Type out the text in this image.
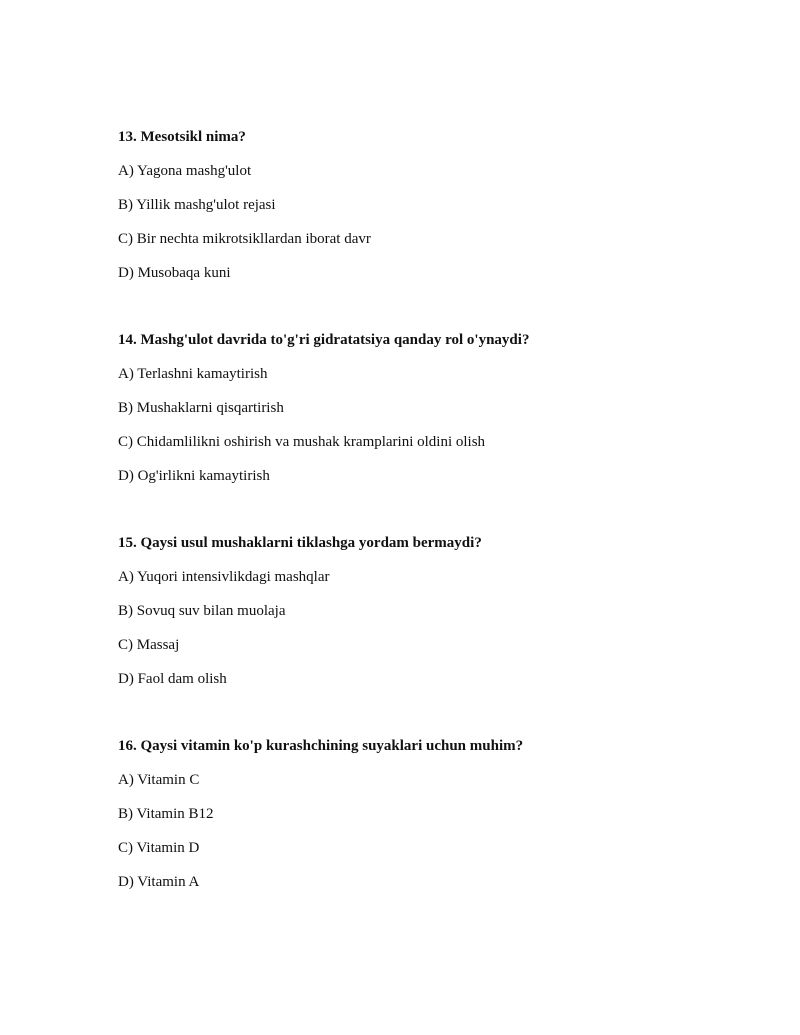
13. Mesotsikl nima?

A) Yagona mashg'ulot

B) Yillik mashg'ulot rejasi

C) Bir nechta mikrotsikllardan iborat davr

D) Musobaqa kuni

14. Mashg'ulot davrida to'g'ri gidratatsiya qanday rol o'ynaydi?

A) Terlashni kamaytirish

B) Mushaklarni qisqartirish

C) Chidamlilikni oshirish va mushak kramplarini oldini olish

D) Og'irlikni kamaytirish

15. Qaysi usul mushaklarni tiklashga yordam bermaydi?

A) Yuqori intensivlikdagi mashqlar

B) Sovuq suv bilan muolaja

C) Massaj

D) Faol dam olish

16. Qaysi vitamin ko'p kurashchining suyaklari uchun muhim?

A) Vitamin C

B) Vitamin B12

C) Vitamin D

D) Vitamin A
